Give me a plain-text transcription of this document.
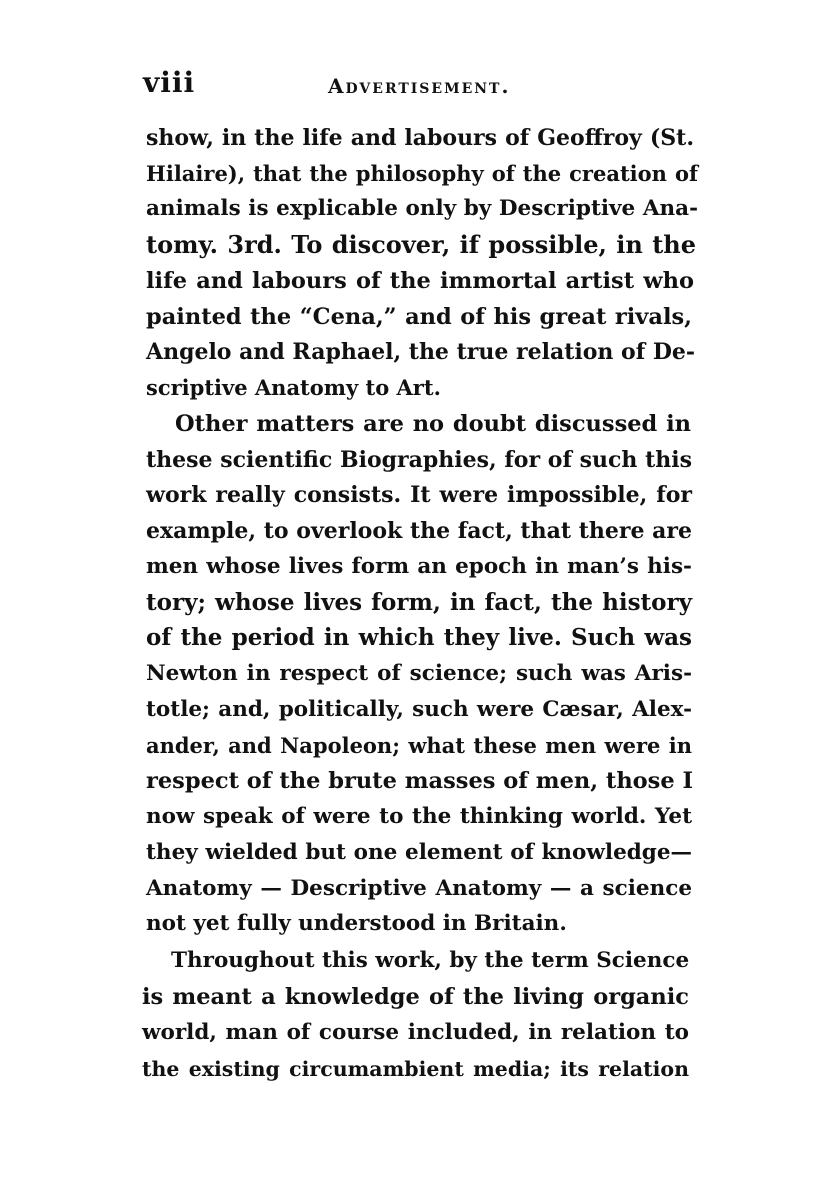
viii	Advertisement.
show, in the life and labours of Geoffroy (St.
Hilaire), that the philosophy of the creation of
animals is explicable only by Descriptive Ana-
tomy. 3rd. To discover, if possible, in the
life and labours of the immortal artist who
painted the “Cena,” and of his great rivals,
Angelo and Raphael, the true relation of De-
scriptive Anatomy to Art.
Other matters are no doubt discussed in
these scientific Biographies, for of such this
work really consists. It were impossible, for
example, to overlook the fact, that there are
men whose lives form an epoch in man’s his-
tory; whose lives form, in fact, the history
of the period in which they live. Such was
Newton in respect of science; such was Aris-
totle; and, politically, such were Cæsar, Alex-
ander, and Napoleon; what these men were in
respect of the brute masses of men, those I
now speak of were to the thinking world. Yet
they wielded but one element of knowledge—
Anatomy — Descriptive Anatomy — a science
not yet fully understood in Britain.
Throughout this work, by the term Science
is meant a knowledge of the living organic
world, man of course included, in relation to
the existing circumambient media; its relation
